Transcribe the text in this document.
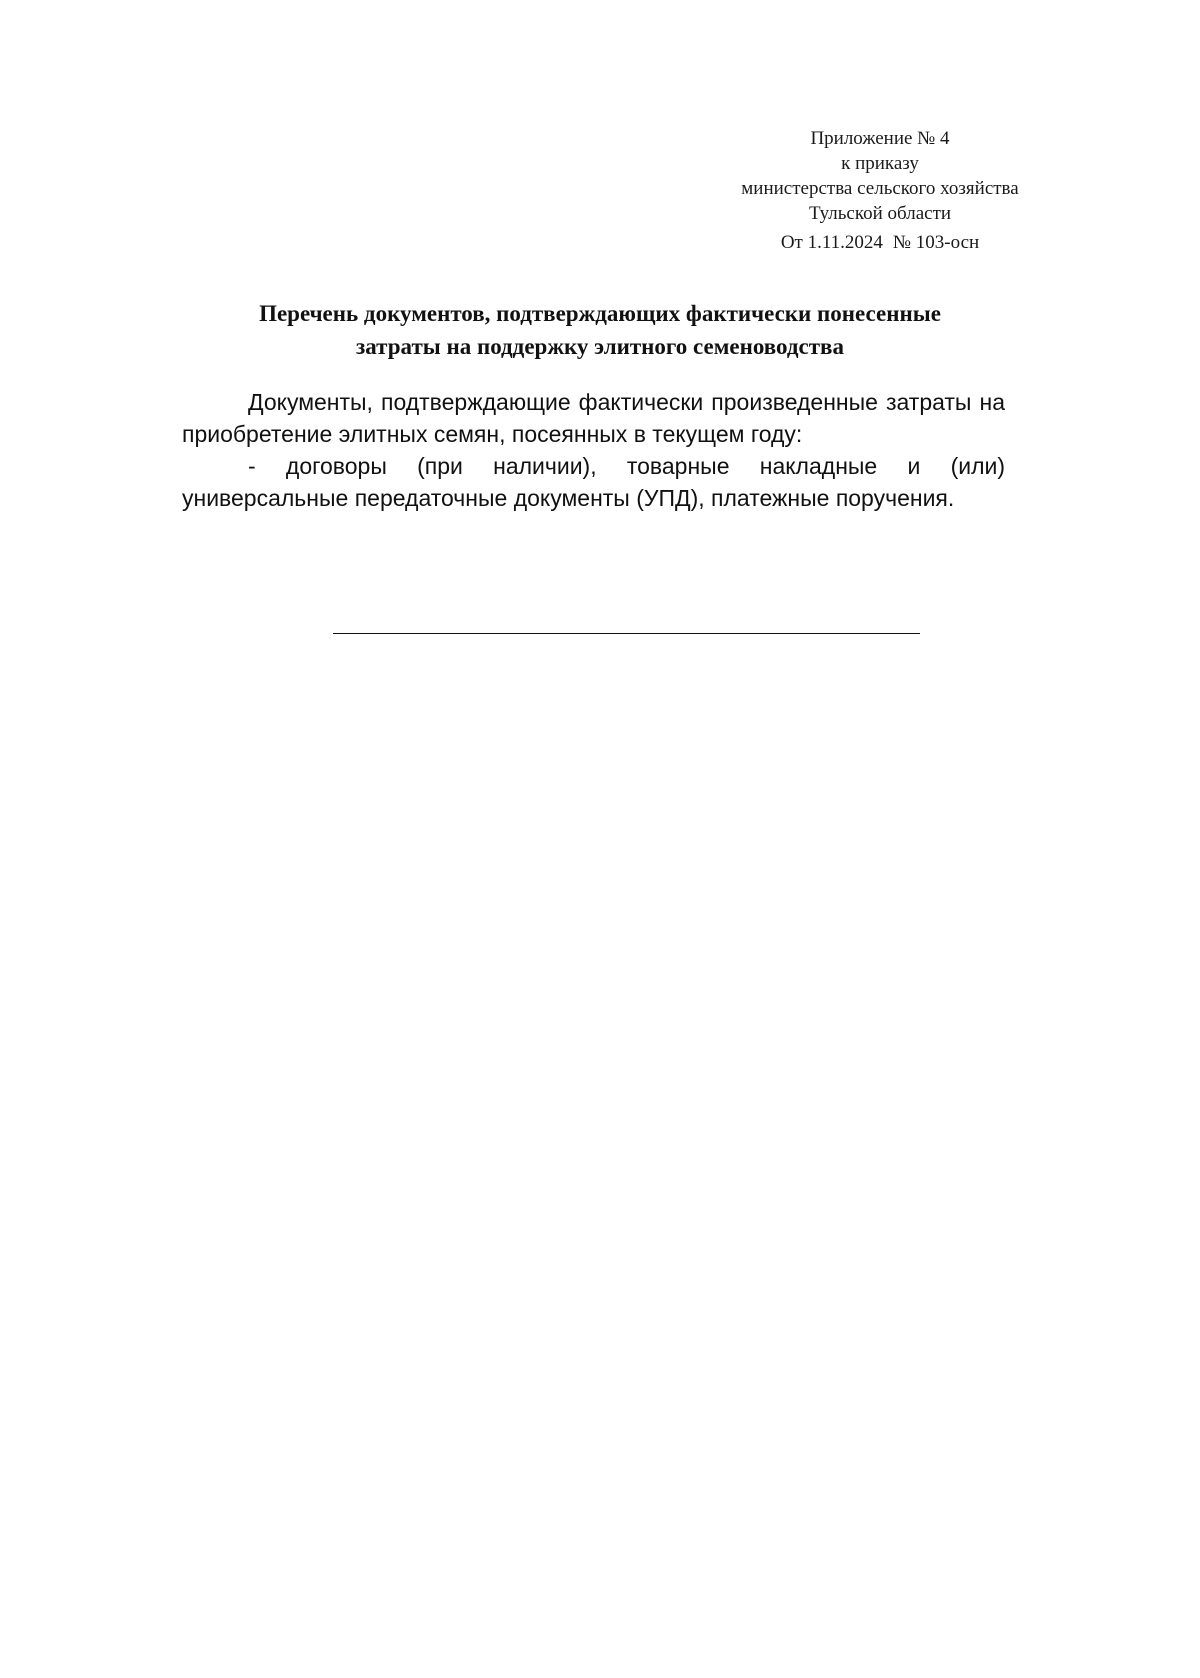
Приложение № 4
к приказу
министерства сельского хозяйства
Тульской области
От 1.11.2024 № 103-осн
Перечень документов, подтверждающих фактически понесенные
затраты на поддержку элитного семеноводства

Документы, подтверждающие фактически произведенные затраты на приобретение элитных семян, посеянных в текущем году:

- договоры (при наличии), товарные накладные и (или) универсальные передаточные документы (УПД), платежные поручения.
